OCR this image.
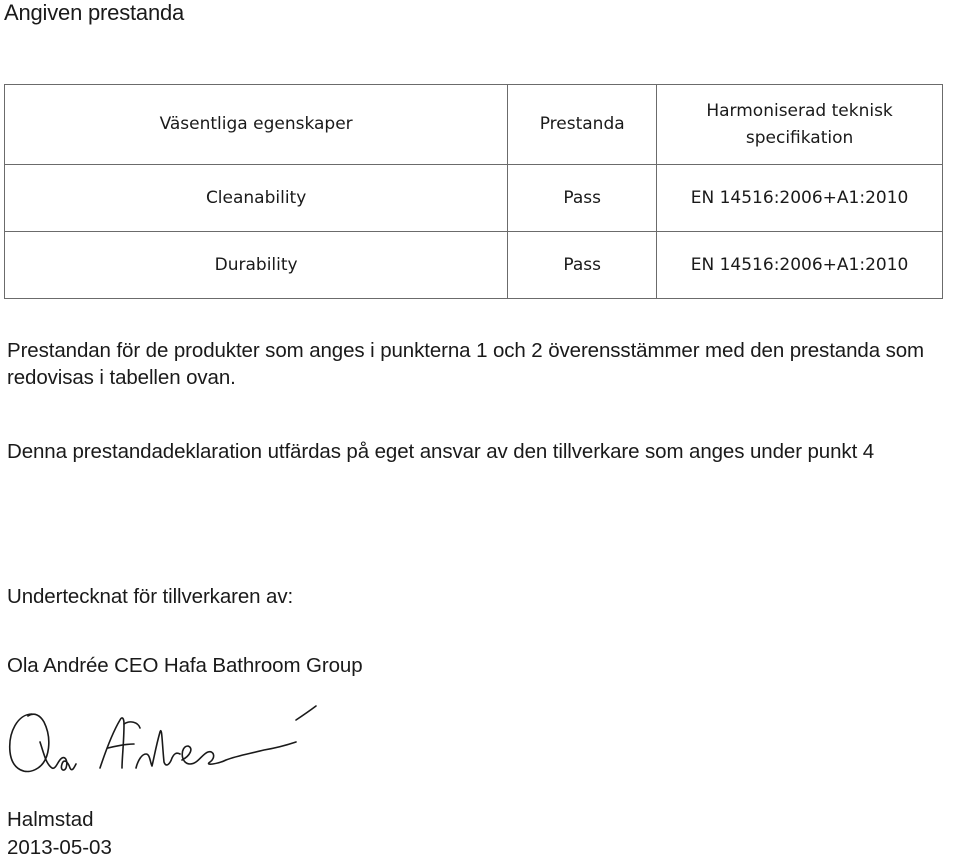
Angiven prestanda
Väsentliga egenskaper	Prestanda	Harmoniserad teknisk specifikation
Cleanability	Pass	EN 14516:2006+A1:2010
Durability	Pass	EN 14516:2006+A1:2010
Prestandan för de produkter som anges i punkterna 1 och 2 överensstämmer med den prestanda som redovisas i tabellen ovan.
Denna prestandadeklaration utfärdas på eget ansvar av den tillverkare som anges under punkt 4
Undertecknat för tillverkaren av:
Ola Andrée CEO Hafa Bathroom Group
Halmstad
2013-05-03
